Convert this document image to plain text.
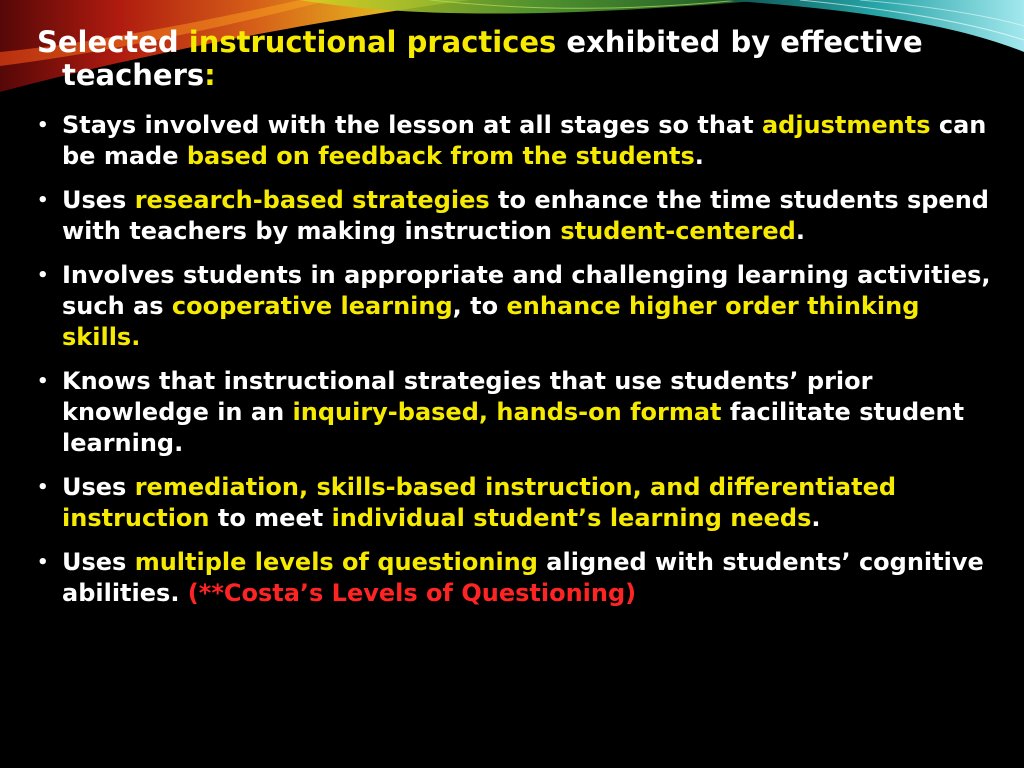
Selected instructional practices exhibited by effective
teachers:
• Stays involved with the lesson at all stages so that adjustments can
be made based on feedback from the students.
• Uses research-based strategies to enhance the time students spend
with teachers by making instruction student-centered.
• Involves students in appropriate and challenging learning activities,
such as cooperative learning, to enhance higher order thinking
skills.
• Knows that instructional strategies that use students’ prior
knowledge in an inquiry-based, hands-on format facilitate student
learning.
• Uses remediation, skills-based instruction, and differentiated
instruction to meet individual student’s learning needs.
• Uses multiple levels of questioning aligned with students’ cognitive
abilities. (**Costa’s Levels of Questioning)
